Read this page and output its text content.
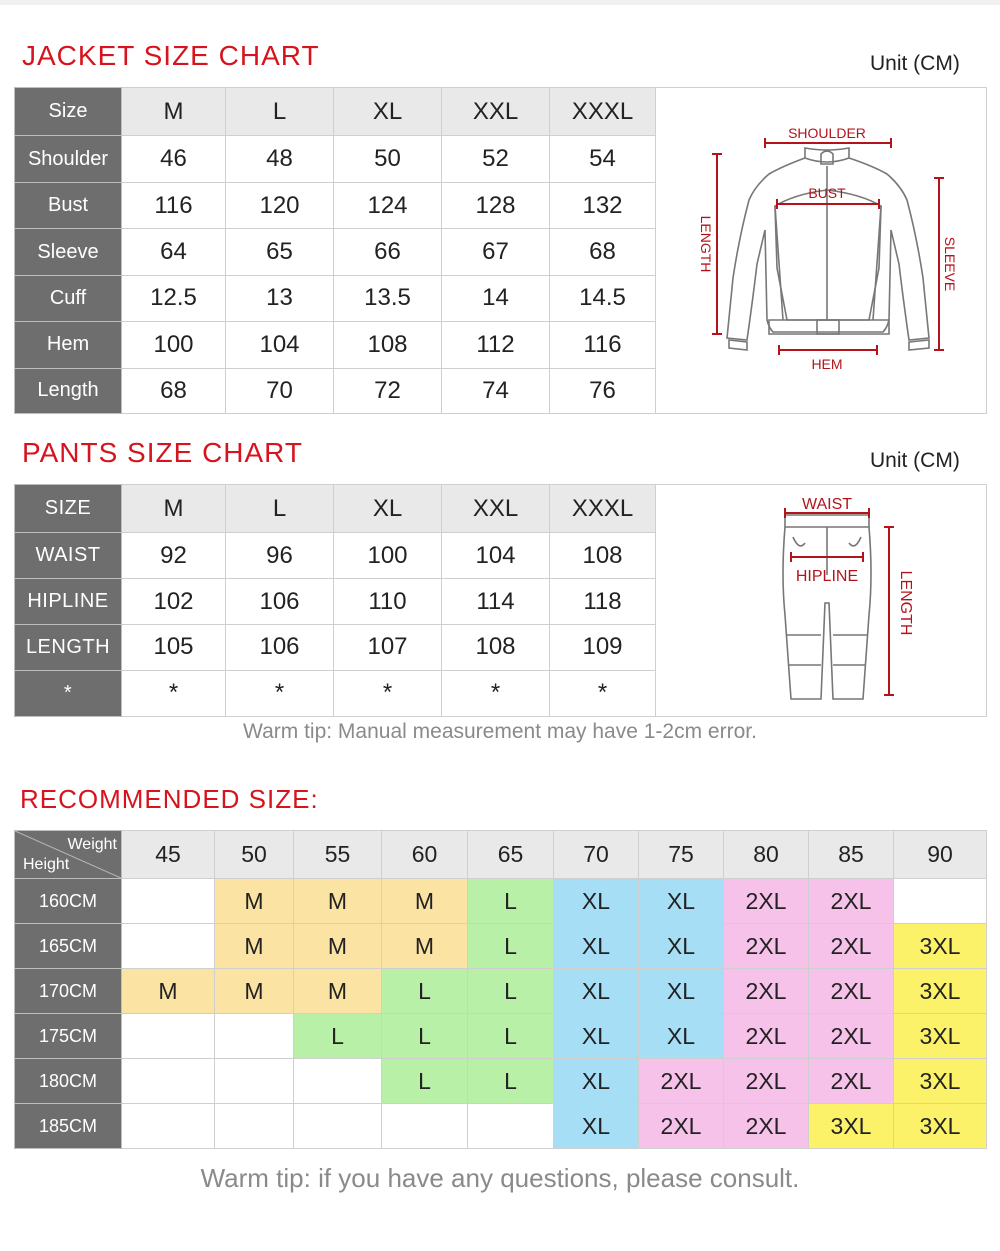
JACKET SIZE CHART	Unit (CM)
Size	M	L	XL	XXL	XXXL	SHOULDER
BUST
HEM
LENGTH SLEEVE

Shoulder	46	48	50	52	54	
Bust	116	120	124	128	132	
Sleeve	64	65	66	67	68	
Cuff	12.5	13	13.5	14	14.5	
Hem	100	104	108	112	116	
Length	68	70	72	74	76	
PANTS SIZE CHART	Unit (CM)
SIZE	M	L	XL	XXL	XXXL	WAIST
HIPLINE LENGTH

WAIST	92	96	100	104	108	
HIPLINE	102	106	110	114	118	
LENGTH	105	106	107	108	109	
*	*	*	*	*	*	
Warm tip: Manual measurement may have 1-2cm error.
RECOMMENDED SIZE:
Weight
Height	45	50	55	60	65	70	75	80	85	90
160CM		M	M	M	L	XL	XL	2XL	2XL	
165CM		M	M	M	L	XL	XL	2XL	2XL	3XL
170CM	M	M	M	L	L	XL	XL	2XL	2XL	3XL
175CM			L	L	L	XL	XL	2XL	2XL	3XL
180CM				L	L	XL	2XL	2XL	2XL	3XL
185CM						XL	2XL	2XL	3XL	3XL
Warm tip: if you have any questions, please consult.
